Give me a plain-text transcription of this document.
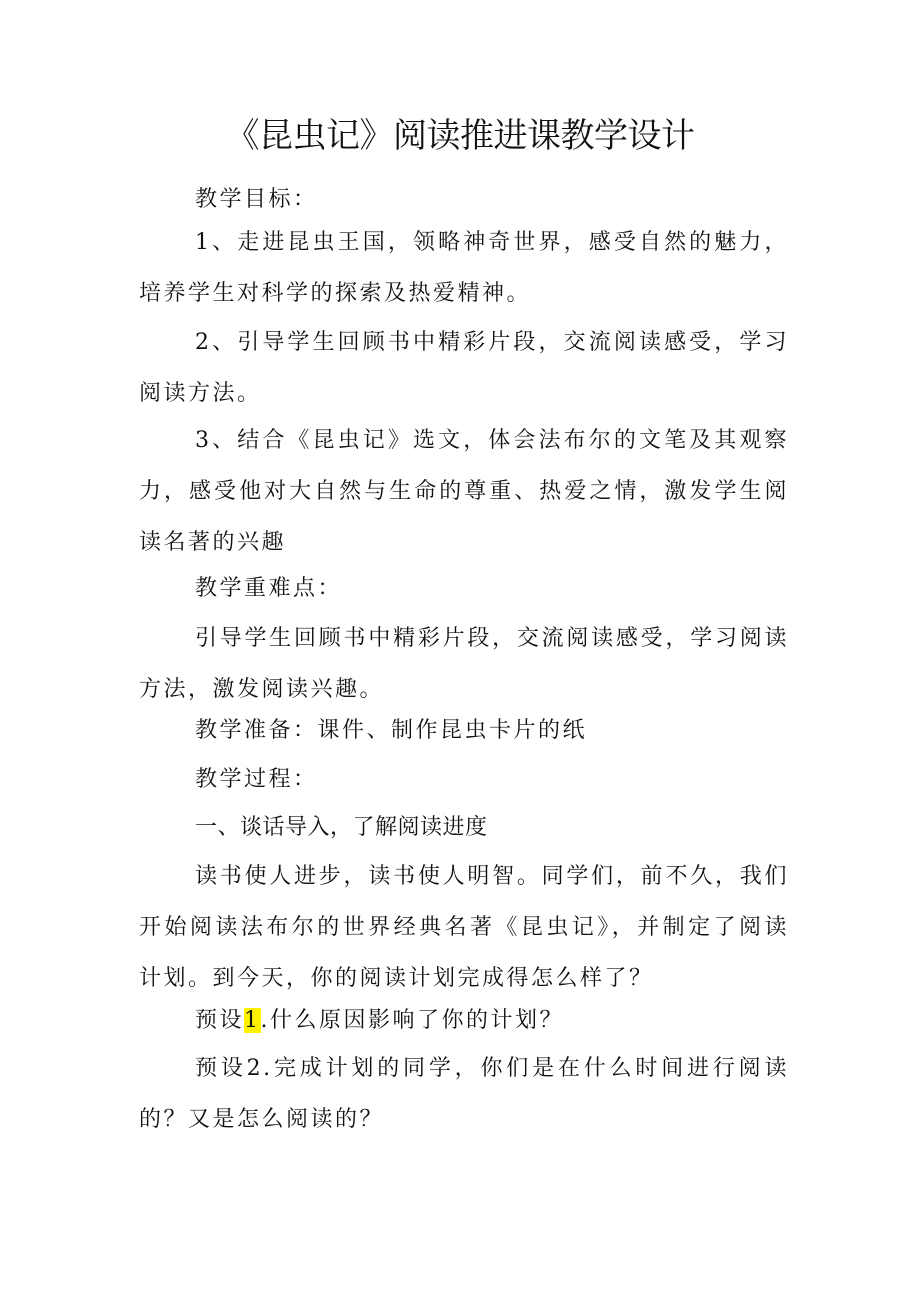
《昆虫记》阅读推进课教学设计

教学目标：

1、走进昆虫王国，领略神奇世界，感受自然的魅力，培养学生对科学的探索及热爱精神。

2、引导学生回顾书中精彩片段，交流阅读感受，学习阅读方法。

3、结合《昆虫记》选文，体会法布尔的文笔及其观察力，感受他对大自然与生命的尊重、热爱之情，激发学生阅读名著的兴趣

教学重难点：

引导学生回顾书中精彩片段，交流阅读感受，学习阅读方法，激发阅读兴趣。

教学准备：课件、制作昆虫卡片的纸

教学过程：

一、谈话导入，了解阅读进度

读书使人进步，读书使人明智。同学们，前不久，我们开始阅读法布尔的世界经典名著《昆虫记》，并制定了阅读计划。到今天，你的阅读计划完成得怎么样了？

预设1.什么原因影响了你的计划？

预设2.完成计划的同学，你们是在什么时间进行阅读的？又是怎么阅读的？
